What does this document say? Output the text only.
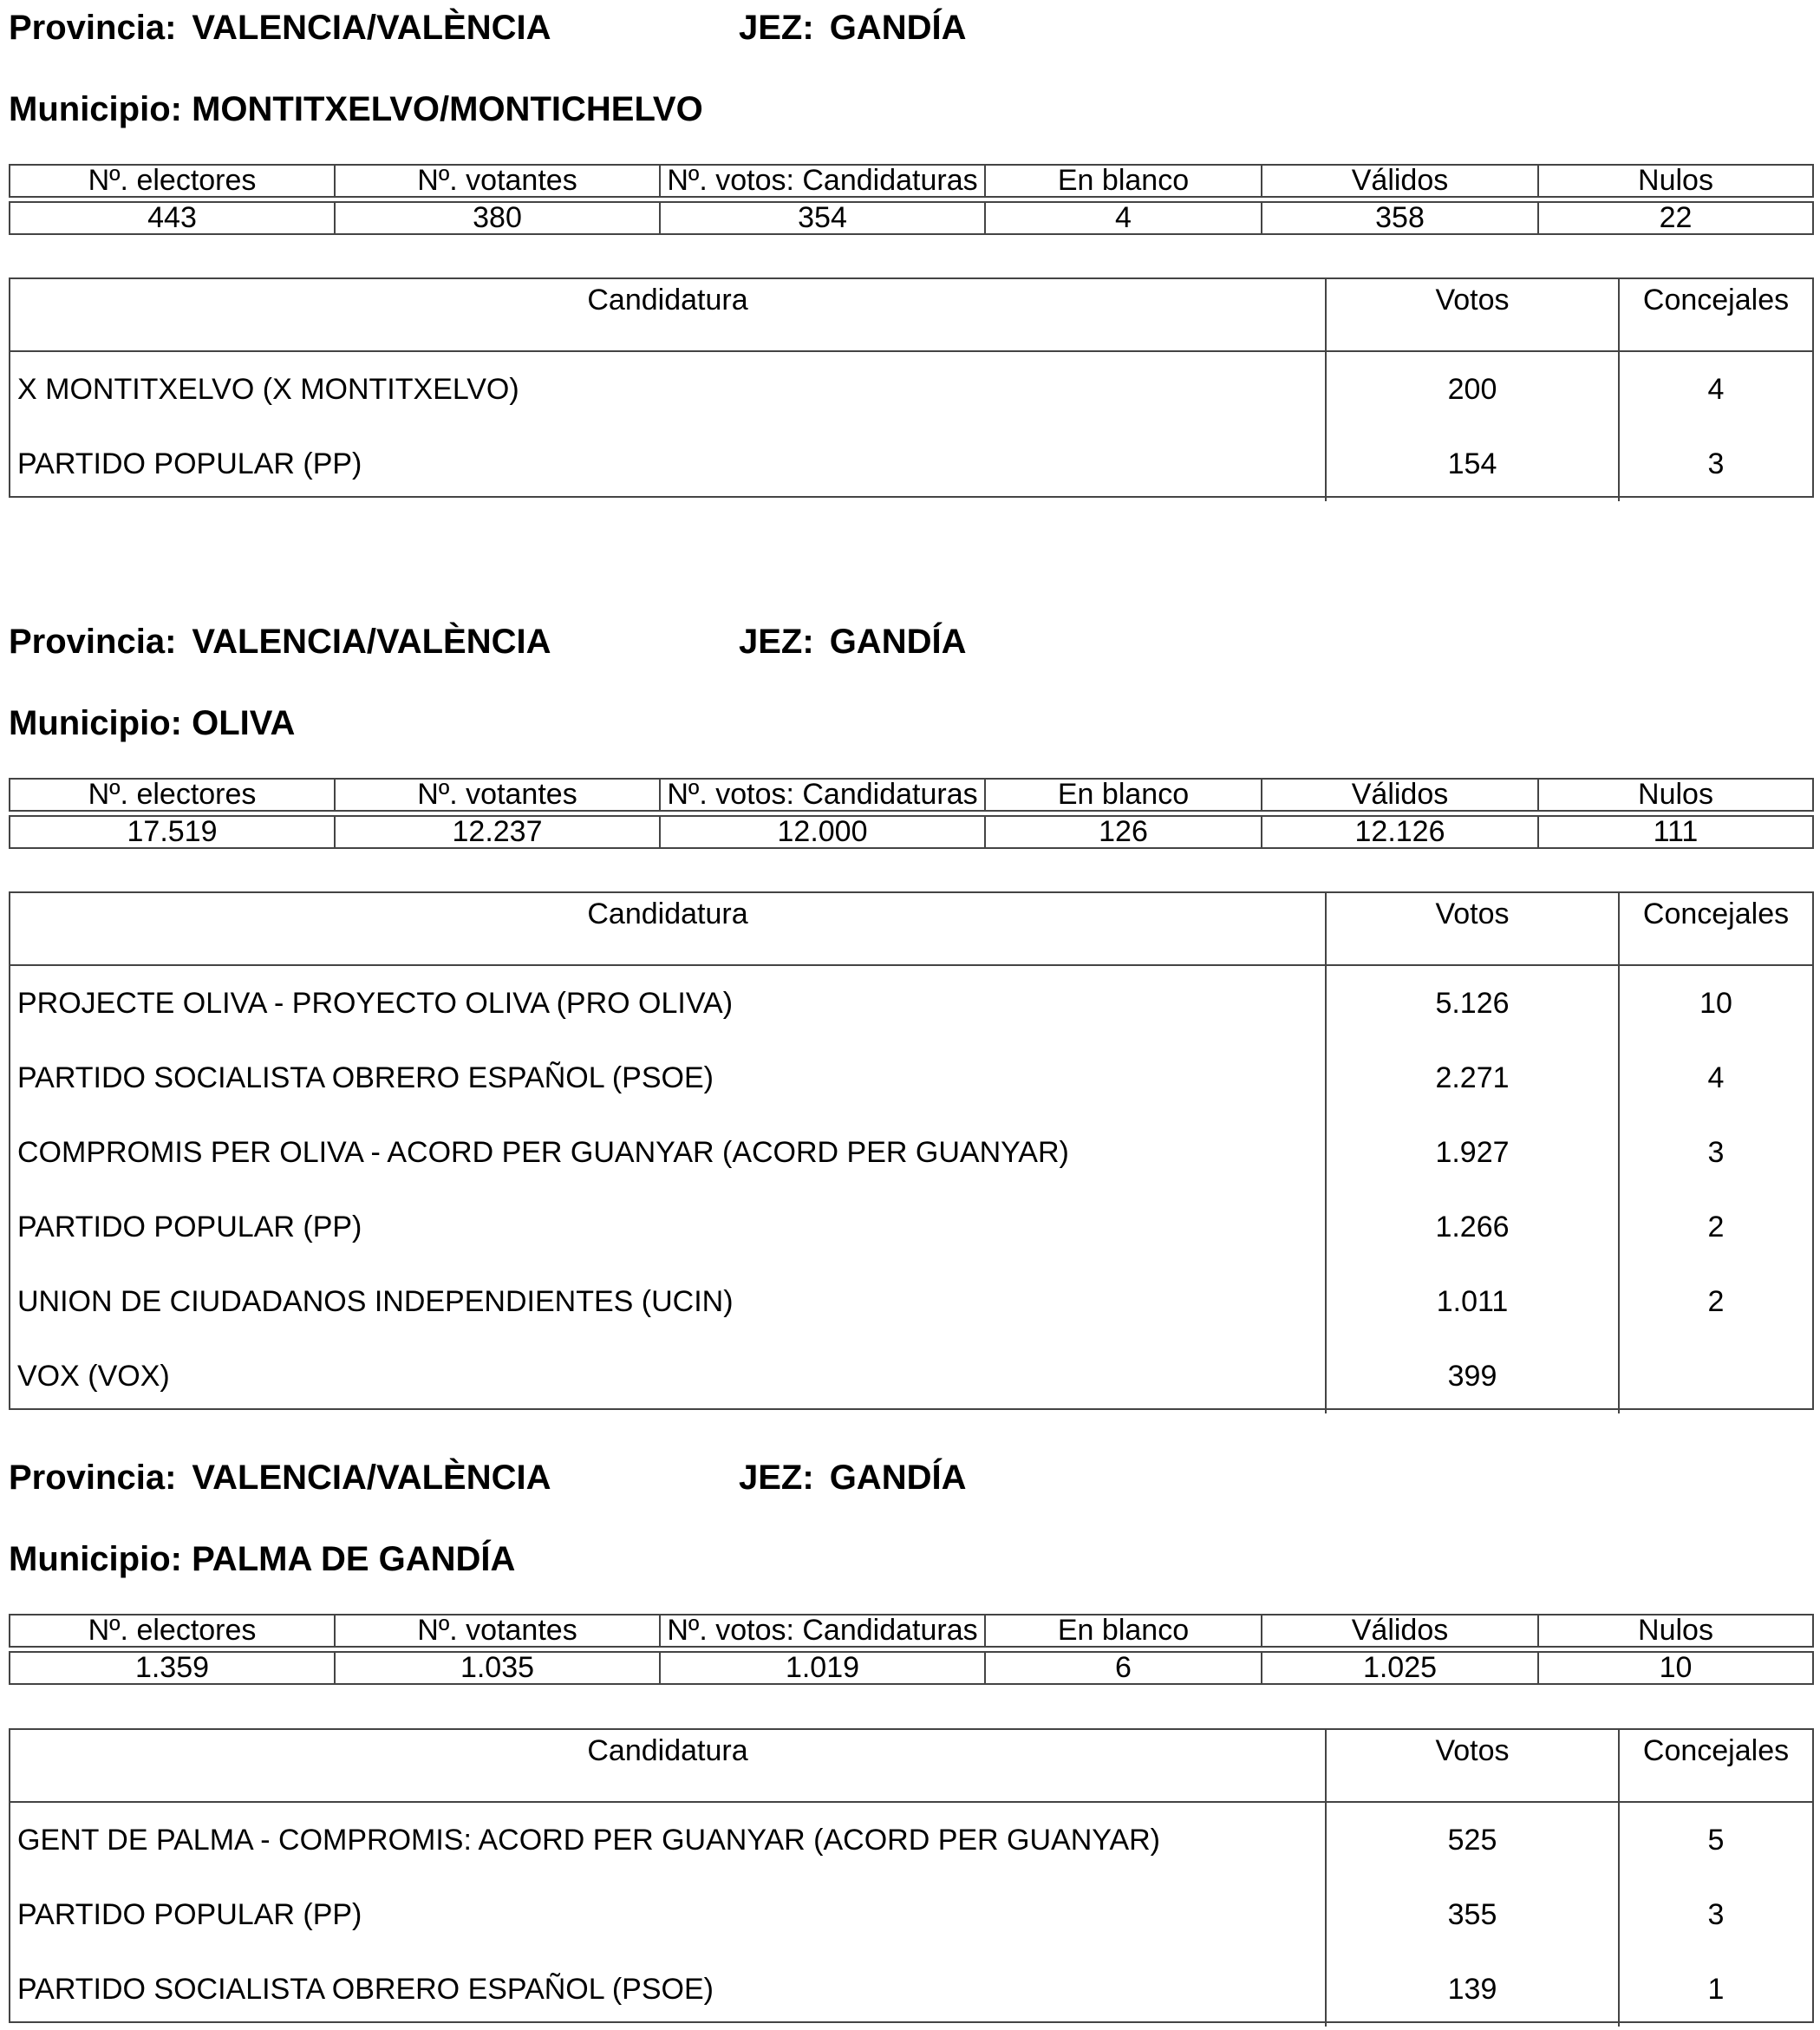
Provincia: VALENCIA/VALÈNCIA	JEZ: GANDÍA
Municipio: MONTITXELVO/MONTICHELVO
Nº. electores	Nº. votantes	Nº. votos: Candidaturas	En blanco	Válidos	Nulos

443	380	354	4	358	22
Candidatura	Votos	Concejales
X MONTITXELVO (X MONTITXELVO)	200	4
PARTIDO POPULAR (PP)	154	3
Provincia: VALENCIA/VALÈNCIA	JEZ: GANDÍA
Municipio: OLIVA
Nº. electores	Nº. votantes	Nº. votos: Candidaturas	En blanco	Válidos	Nulos

17.519	12.237	12.000	126	12.126	111
Candidatura	Votos	Concejales
PROJECTE OLIVA - PROYECTO OLIVA (PRO OLIVA)	5.126	10
PARTIDO SOCIALISTA OBRERO ESPAÑOL (PSOE)	2.271	4
COMPROMIS PER OLIVA - ACORD PER GUANYAR (ACORD PER GUANYAR)	1.927	3
PARTIDO POPULAR (PP)	1.266	2
UNION DE CIUDADANOS INDEPENDIENTES (UCIN)	1.011	2
VOX (VOX)	399
Provincia: VALENCIA/VALÈNCIA	JEZ: GANDÍA
Municipio: PALMA DE GANDÍA
Nº. electores	Nº. votantes	Nº. votos: Candidaturas	En blanco	Válidos	Nulos

1.359	1.035	1.019	6	1.025	10
Candidatura	Votos	Concejales
GENT DE PALMA - COMPROMIS: ACORD PER GUANYAR (ACORD PER GUANYAR)	525	5
PARTIDO POPULAR (PP)	355	3
PARTIDO SOCIALISTA OBRERO ESPAÑOL (PSOE)	139	1
